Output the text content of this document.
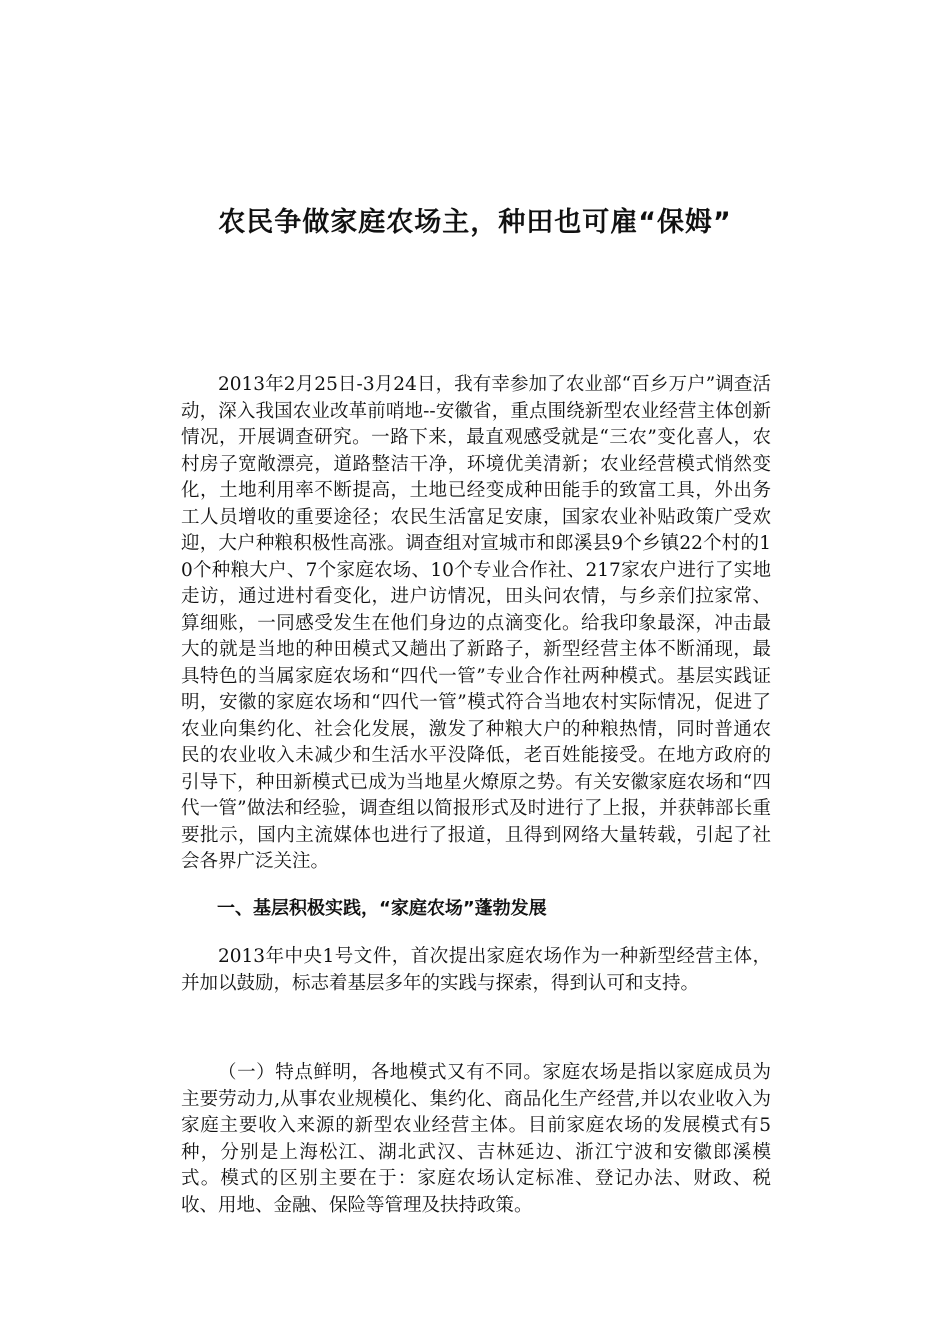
农民争做家庭农场主，种田也可雇“保姆”

2013年2月25日-3月24日，我有幸参加了农业部“百乡万户”调查活动，深入我国农业改革前哨地--安徽省，重点围绕新型农业经营主体创新情况，开展调查研究。一路下来，最直观感受就是“三农”变化喜人，农村房子宽敞漂亮，道路整洁干净，环境优美清新；农业经营模式悄然变化，土地利用率不断提高，土地已经变成种田能手的致富工具，外出务工人员增收的重要途径；农民生活富足安康，国家农业补贴政策广受欢迎，大户种粮积极性高涨。调查组对宣城市和郎溪县9个乡镇22个村的10个种粮大户、7个家庭农场、10个专业合作社、217家农户进行了实地走访，通过进村看变化，进户访情况，田头问农情，与乡亲们拉家常、算细账，一同感受发生在他们身边的点滴变化。给我印象最深，冲击最大的就是当地的种田模式又趟出了新路子，新型经营主体不断涌现，最具特色的当属家庭农场和“四代一管”专业合作社两种模式。基层实践证明，安徽的家庭农场和“四代一管”模式符合当地农村实际情况，促进了农业向集约化、社会化发展，激发了种粮大户的种粮热情，同时普通农民的农业收入未减少和生活水平没降低，老百姓能接受。在地方政府的引导下，种田新模式已成为当地星火燎原之势。有关安徽家庭农场和“四代一管”做法和经验，调查组以简报形式及时进行了上报，并获韩部长重要批示，国内主流媒体也进行了报道，且得到网络大量转载，引起了社会各界广泛关注。

一、基层积极实践，“家庭农场”蓬勃发展

2013年中央1号文件，首次提出家庭农场作为一种新型经营主体，并加以鼓励，标志着基层多年的实践与探索，得到认可和支持。

（一）特点鲜明，各地模式又有不同。家庭农场是指以家庭成员为主要劳动力,从事农业规模化、集约化、商品化生产经营,并以农业收入为家庭主要收入来源的新型农业经营主体。目前家庭农场的发展模式有5种，分别是上海松江、湖北武汉、吉林延边、浙江宁波和安徽郎溪模式。模式的区别主要在于：家庭农场认定标准、登记办法、财政、税收、用地、金融、保险等管理及扶持政策。
